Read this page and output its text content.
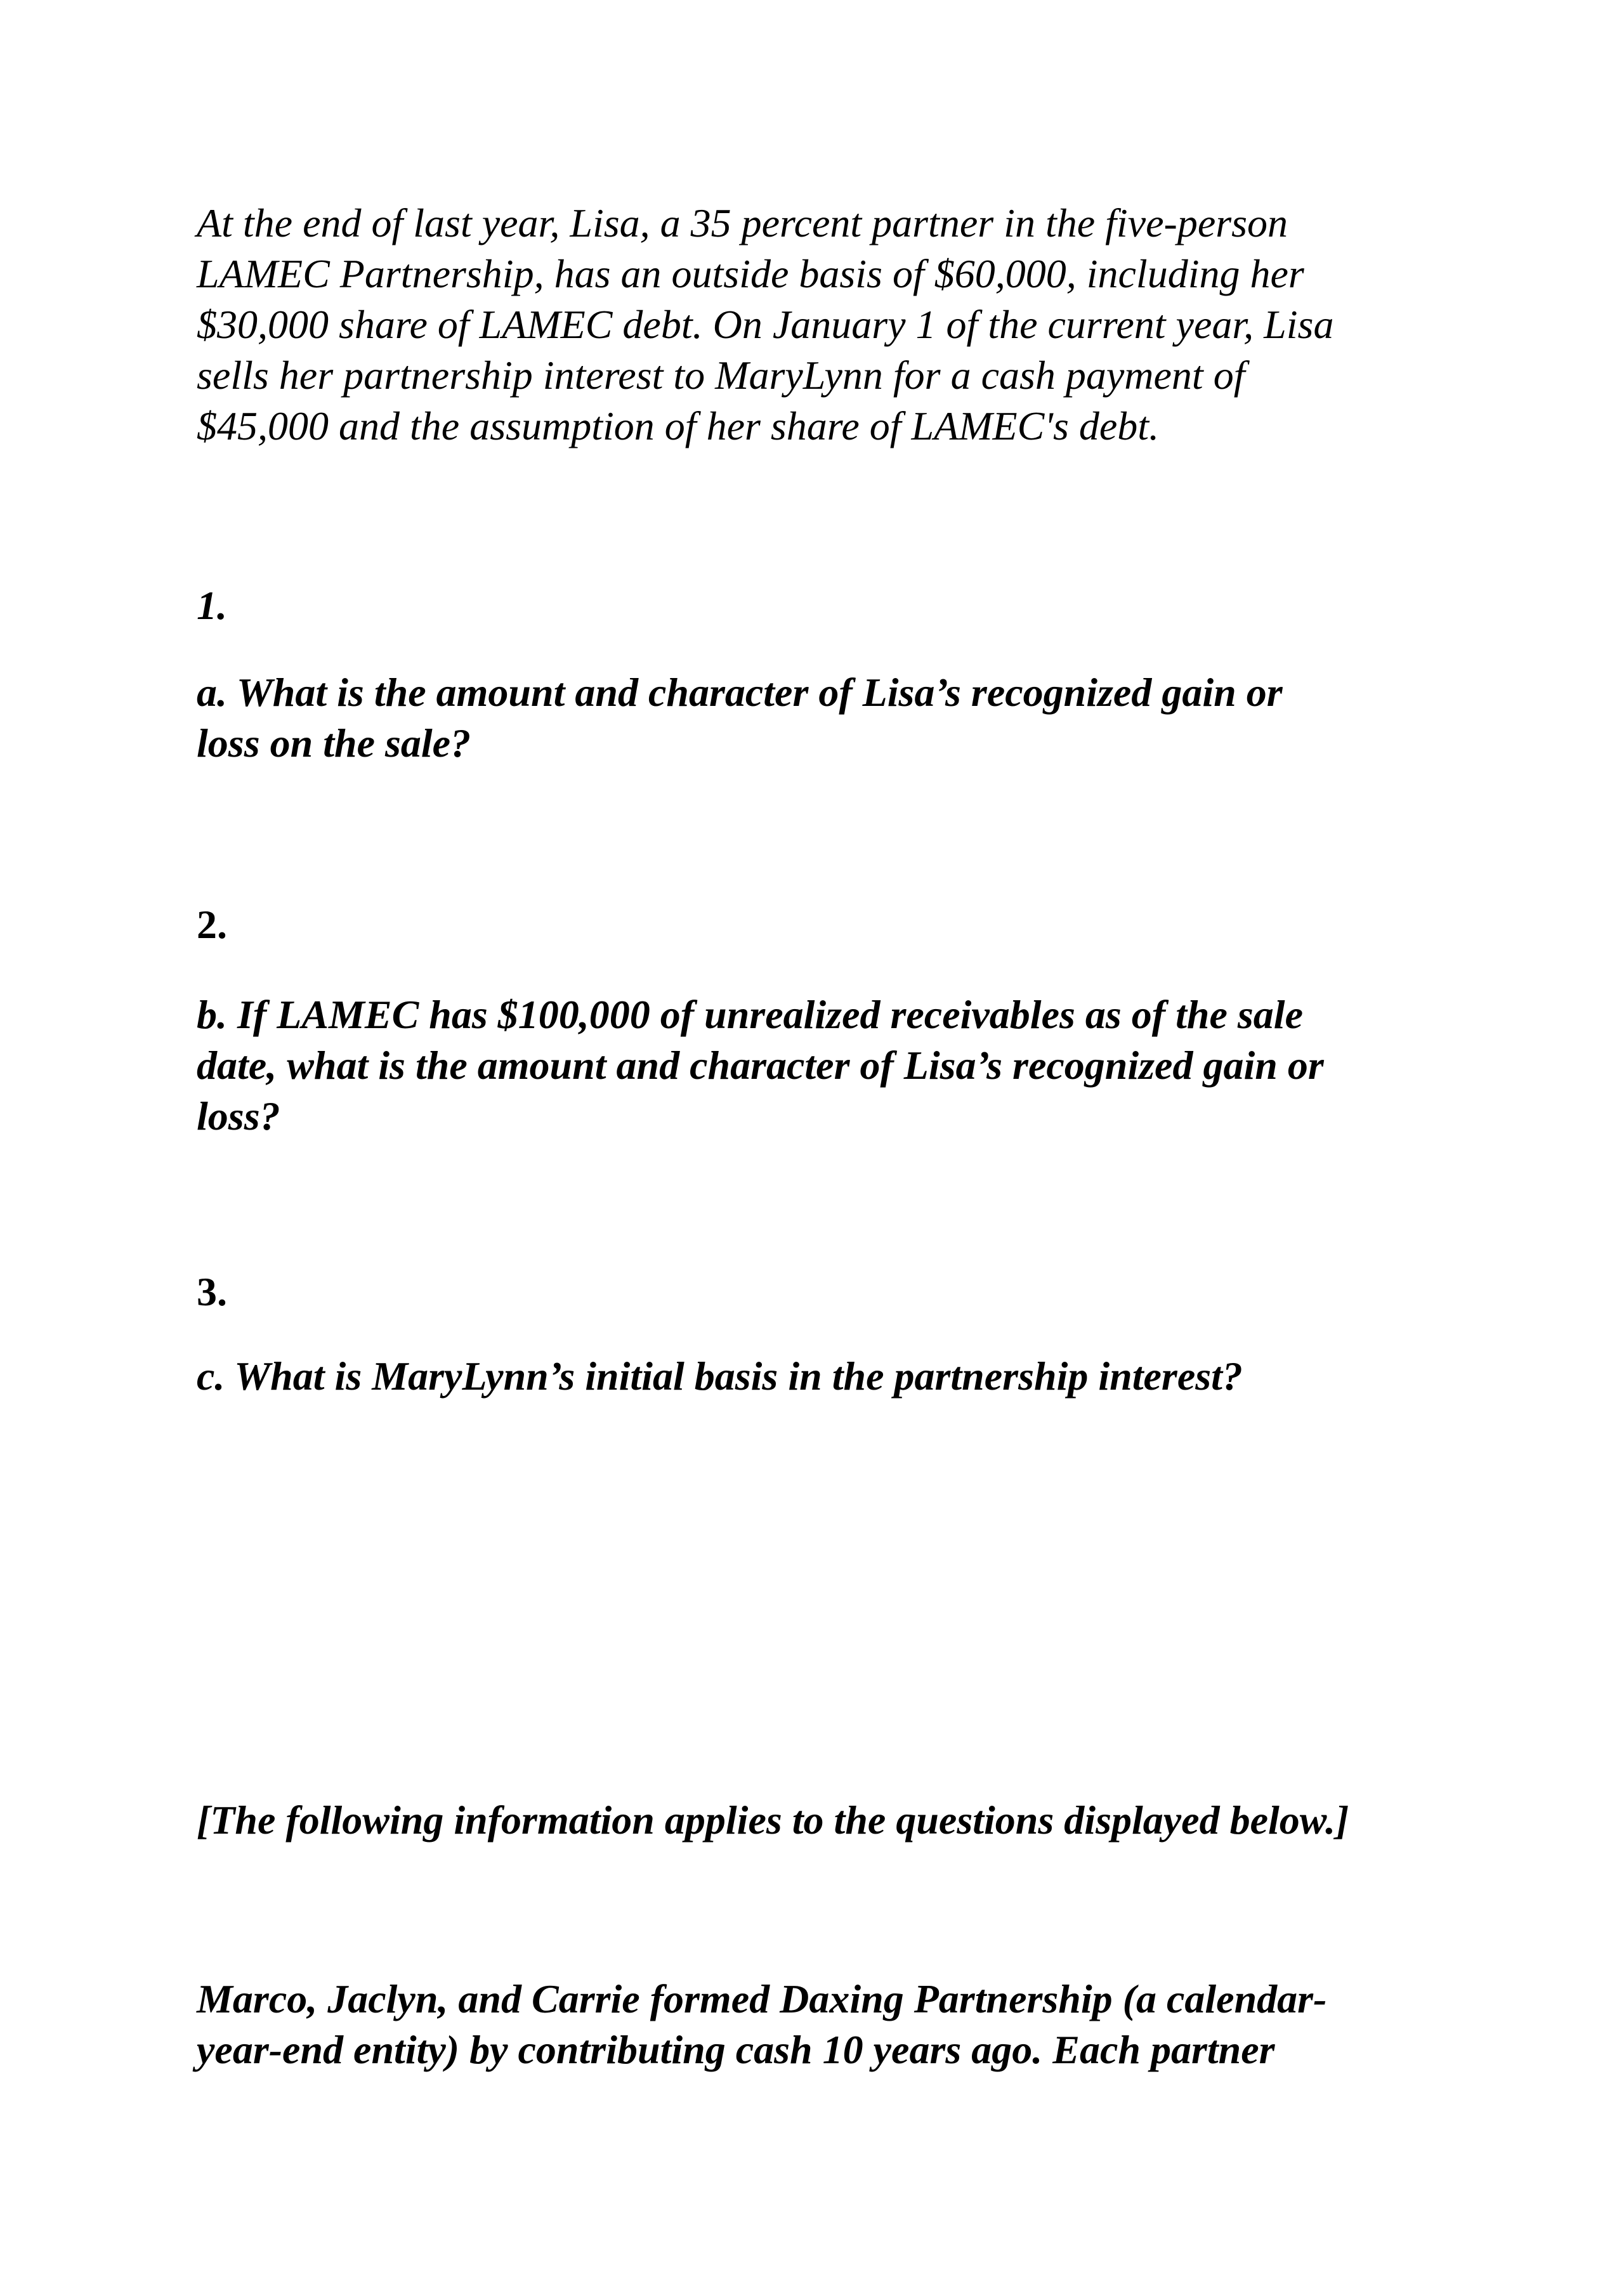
At the end of last year, Lisa, a 35 percent partner in the five-person
LAMEC Partnership, has an outside basis of $60,000, including her
$30,000 share of LAMEC debt. On January 1 of the current year, Lisa
sells her partnership interest to MaryLynn for a cash payment of
$45,000 and the assumption of her share of LAMEC's debt.

1.

a. What is the amount and character of Lisa’s recognized gain or
loss on the sale?

2.

b. If LAMEC has $100,000 of unrealized receivables as of the sale
date, what is the amount and character of Lisa’s recognized gain or
loss?

3.

c. What is MaryLynn’s initial basis in the partnership interest?

[The following information applies to the questions displayed below.]

Marco, Jaclyn, and Carrie formed Daxing Partnership (a calendar-
year-end entity) by contributing cash 10 years ago. Each partner
